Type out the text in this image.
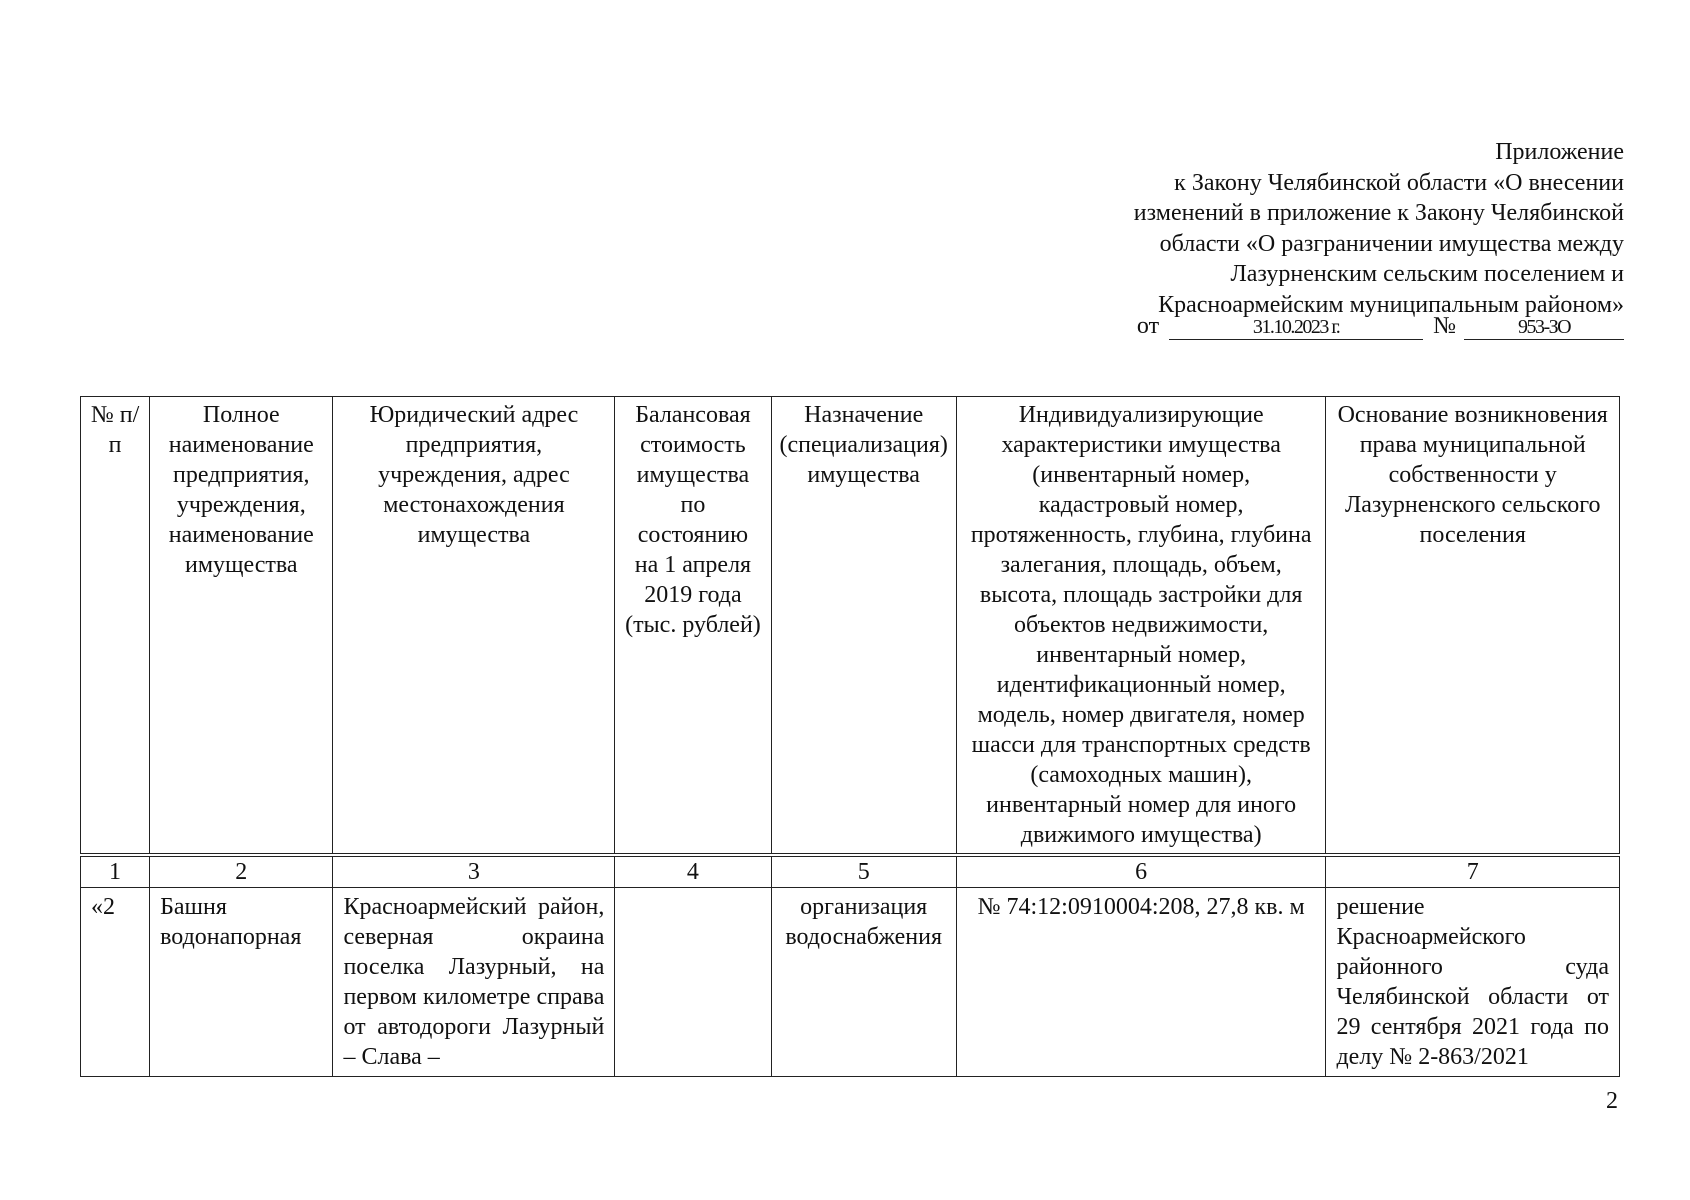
Приложение
к Закону Челябинской области «О внесении
изменений в приложение к Закону Челябинской
области «О разграничении имущества между
Лазурненским сельским поселением и
Красноармейским муниципальным районом»
от	31.10.2023 г.	№	953-ЗО
№ п/п	Полное наименование предприятия, учреждения, наименование имущества	Юридический адрес предприятия, учреждения, адрес местонахождения имущества	Балансовая стоимость имущества по состоянию на 1 апреля 2019 года (тыс. рублей)	Назначение (специализация) имущества	Индивидуализирующие характеристики имущества (инвентарный номер, кадастровый номер, протяженность, глубина, глубина залегания, площадь, объем, высота, площадь застройки для объектов недвижимости, инвентарный номер, идентификационный номер, модель, номер двигателя, номер шасси для транспортных средств (самоходных машин), инвентарный номер для иного движимого имущества)	Основание возникновения права муниципальной собственности у Лазурненского сельского поселения
1	2	3	4	5	6	7
«2	Башня водонапорная	Красноармейский район, северная окраина поселка Лазурный, на первом километре справа от автодороги Лазурный – Слава –		организация водоснабжения	№ 74:12:0910004:208, 27,8 кв. м	решение Красноармейского районного суда Челябинской области от 29 сентября 2021 года по делу № 2-863/2021
2
